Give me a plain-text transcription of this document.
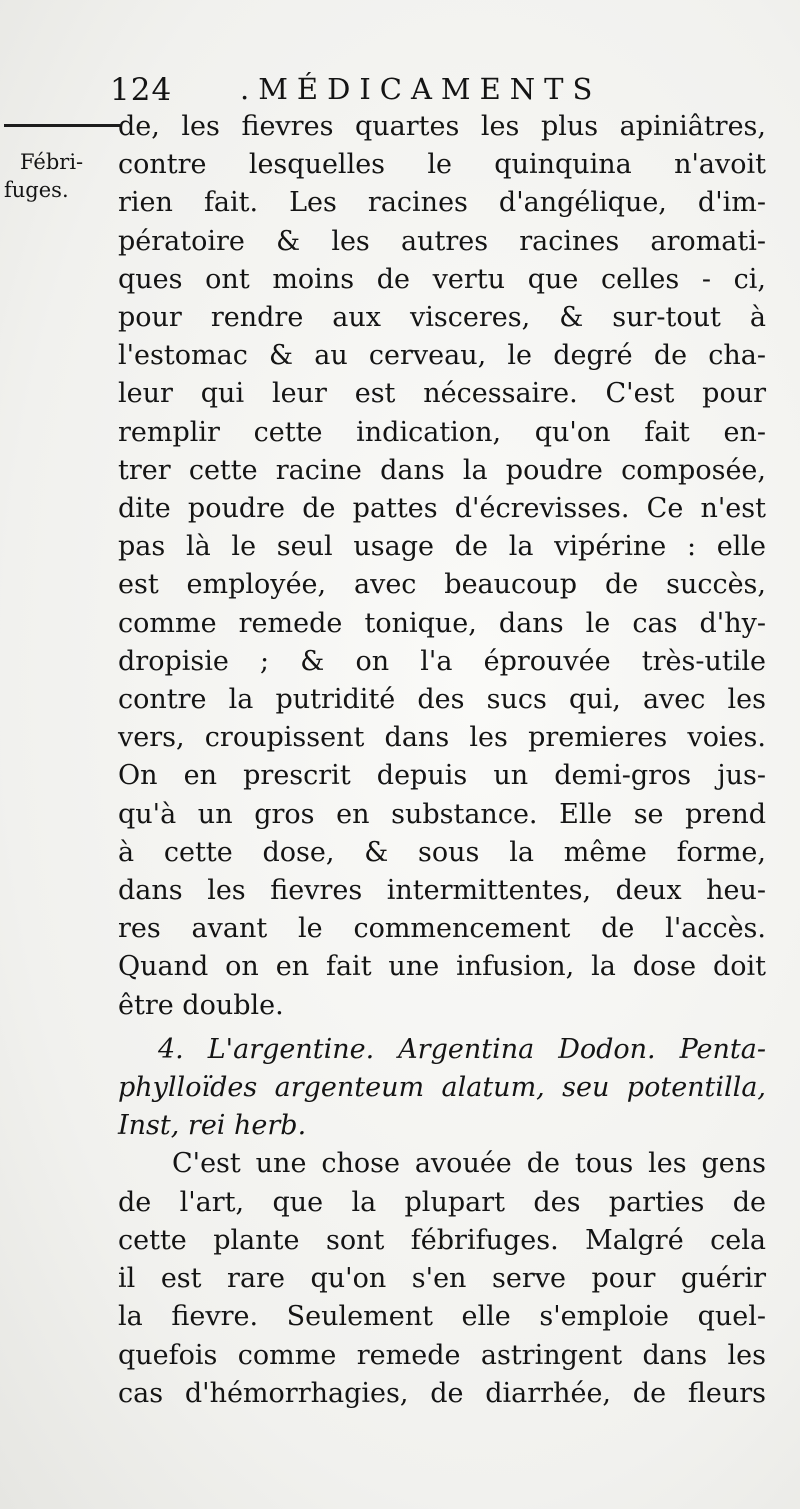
124 .MÉDICAMENTS
Fébri-
fuges.
de, les fievres quartes les plus apiniâtres,
contre lesquelles le quinquina n'avoit
rien fait. Les racines d'angélique, d'im-
pératoire & les autres racines aromati-
ques ont moins de vertu que celles - ci,
pour rendre aux visceres, & sur-tout à
l'estomac & au cerveau, le degré de cha-
leur qui leur est nécessaire. C'est pour
remplir cette indication, qu'on fait en-
trer cette racine dans la poudre composée,
dite poudre de pattes d'écrevisses. Ce n'est
pas là le seul usage de la vipérine : elle
est employée, avec beaucoup de succès,
comme remede tonique, dans le cas d'hy-
dropisie ; & on l'a éprouvée très-utile
contre la putridité des sucs qui, avec les
vers, croupissent dans les premieres voies.
On en prescrit depuis un demi-gros jus-
qu'à un gros en substance. Elle se prend
à cette dose, & sous la même forme,
dans les fievres intermittentes, deux heu-
res avant le commencement de l'accès.
Quand on en fait une infusion, la dose doit
être double.
4. L'argentine. Argentina Dodon. Penta-
phylloïdes argenteum alatum, seu potentilla,
Inst, rei herb.
C'est une chose avouée de tous les gens
de l'art, que la plupart des parties de
cette plante sont fébrifuges. Malgré cela
il est rare qu'on s'en serve pour guérir
la fievre. Seulement elle s'emploie quel-
quefois comme remede astringent dans les
cas d'hémorrhagies, de diarrhée, de fleurs
